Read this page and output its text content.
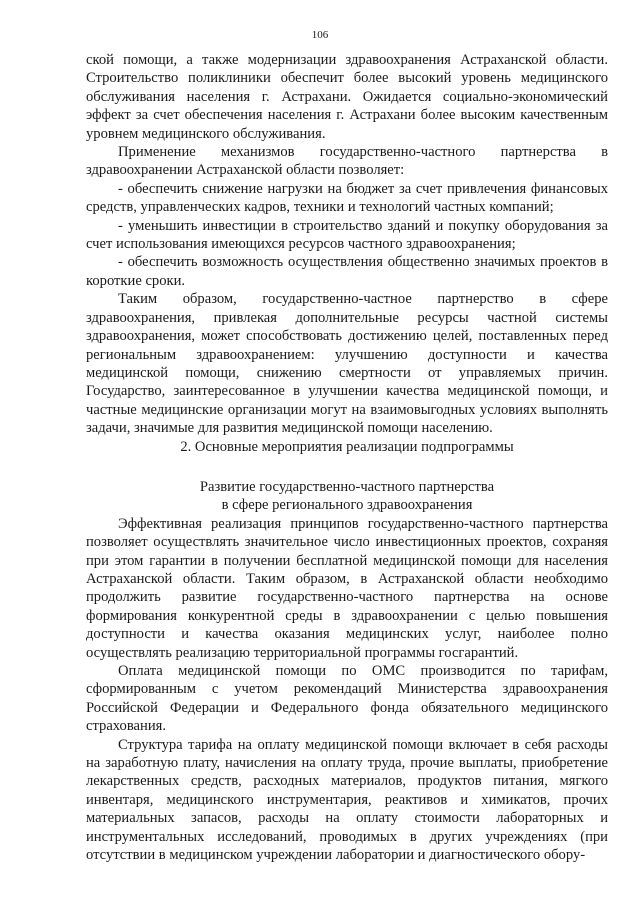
106

ской помощи, а также модернизации здравоохранения Астраханской области. Строительство поликлиники обеспечит более высокий уровень медицинского обслуживания населения г. Астрахани. Ожидается социально-экономический эффект за счет обеспечения населения г. Астрахани более высоким качественным уровнем медицинского обслуживания.

Применение механизмов государственно-частного партнерства в здравоохранении Астраханской области позволяет:

- обеспечить снижение нагрузки на бюджет за счет привлечения финансовых средств, управленческих кадров, техники и технологий частных компаний;

- уменьшить инвестиции в строительство зданий и покупку оборудования за счет использования имеющихся ресурсов частного здравоохранения;

- обеспечить возможность осуществления общественно значимых проектов в короткие сроки.

Таким образом, государственно-частное партнерство в сфере здравоохранения, привлекая дополнительные ресурсы частной системы здравоохранения, может способствовать достижению целей, поставленных перед региональным здравоохранением: улучшению доступности и качества медицинской помощи, снижению смертности от управляемых причин. Государство, заинтересованное в улучшении качества медицинской помощи, и частные медицинские организации могут на взаимовыгодных условиях выполнять задачи, значимые для развития медицинской помощи населению.

2. Основные мероприятия реализации подпрограммы

Развитие государственно-частного партнерства
в сфере регионального здравоохранения

Эффективная реализация принципов государственно-частного партнерства позволяет осуществлять значительное число инвестиционных проектов, сохраняя при этом гарантии в получении бесплатной медицинской помощи для населения Астраханской области. Таким образом, в Астраханской области необходимо продолжить развитие государственно-частного партнерства на основе формирования конкурентной среды в здравоохранении с целью повышения доступности и качества оказания медицинских услуг, наиболее полно осуществлять реализацию территориальной программы госгарантий.

Оплата медицинской помощи по ОМС производится по тарифам, сформированным с учетом рекомендаций Министерства здравоохранения Российской Федерации и Федерального фонда обязательного медицинского страхования.

Структура тарифа на оплату медицинской помощи включает в себя расходы на заработную плату, начисления на оплату труда, прочие выплаты, приобретение лекарственных средств, расходных материалов, продуктов питания, мягкого инвентаря, медицинского инструментария, реактивов и химикатов, прочих материальных запасов, расходы на оплату стоимости лабораторных и инструментальных исследований, проводимых в других учреждениях (при отсутствии в медицинском учреждении лаборатории и диагностического обору-
